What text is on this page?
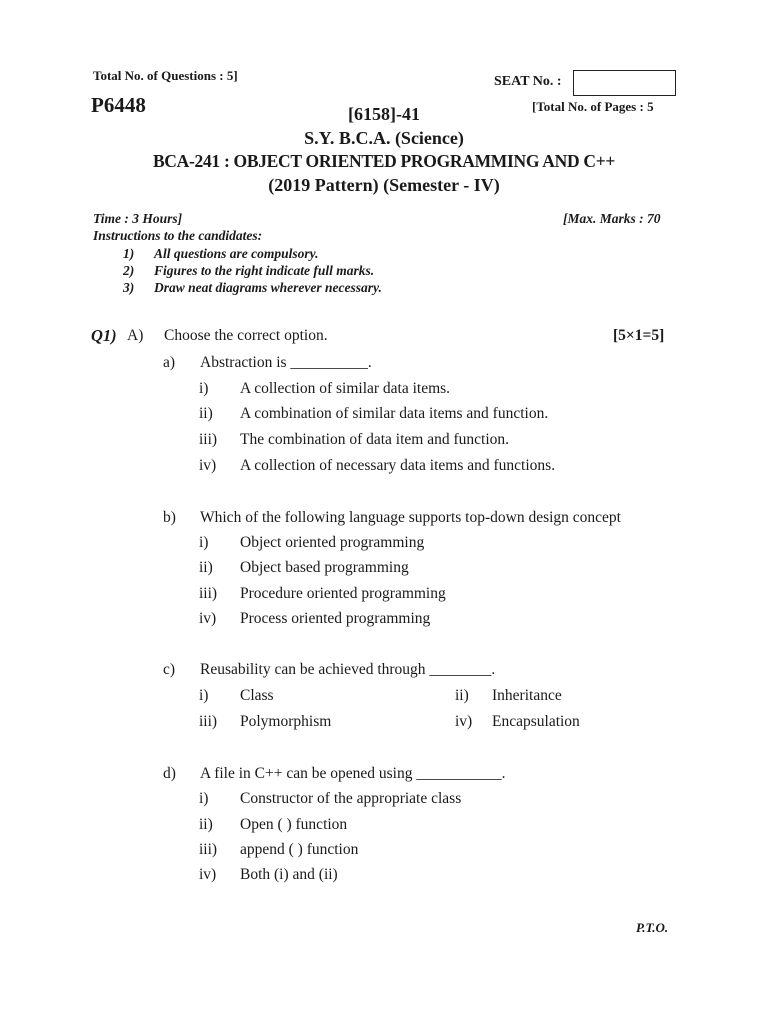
Total No. of Questions : 5]	SEAT No. :
P6448	[Total No. of Pages : 5
[6158]-41
S.Y. B.C.A. (Science)
BCA-241 : OBJECT ORIENTED PROGRAMMING AND C++
(2019 Pattern) (Semester - IV)
Time : 3 Hours]	[Max. Marks : 70
Instructions to the candidates:
1) All questions are compulsory.
2) Figures to the right indicate full marks.
3) Draw neat diagrams wherever necessary.
Q1) A) Choose the correct option.	[5×1=5]
a) Abstraction is __________.
i) A collection of similar data items.
ii) A combination of similar data items and function.
iii) The combination of data item and function.
iv) A collection of necessary data items and functions.
b) Which of the following language supports top-down design concept
i) Object oriented programming
ii) Object based programming
iii) Procedure oriented programming
iv) Process oriented programming
c) Reusability can be achieved through ________.
i) Class	ii) Inheritance
iii) Polymorphism	iv) Encapsulation
d) A file in C++ can be opened using ___________.
i) Constructor of the appropriate class
ii) Open ( ) function
iii) append ( ) function
iv) Both (i) and (ii)
P.T.O.
